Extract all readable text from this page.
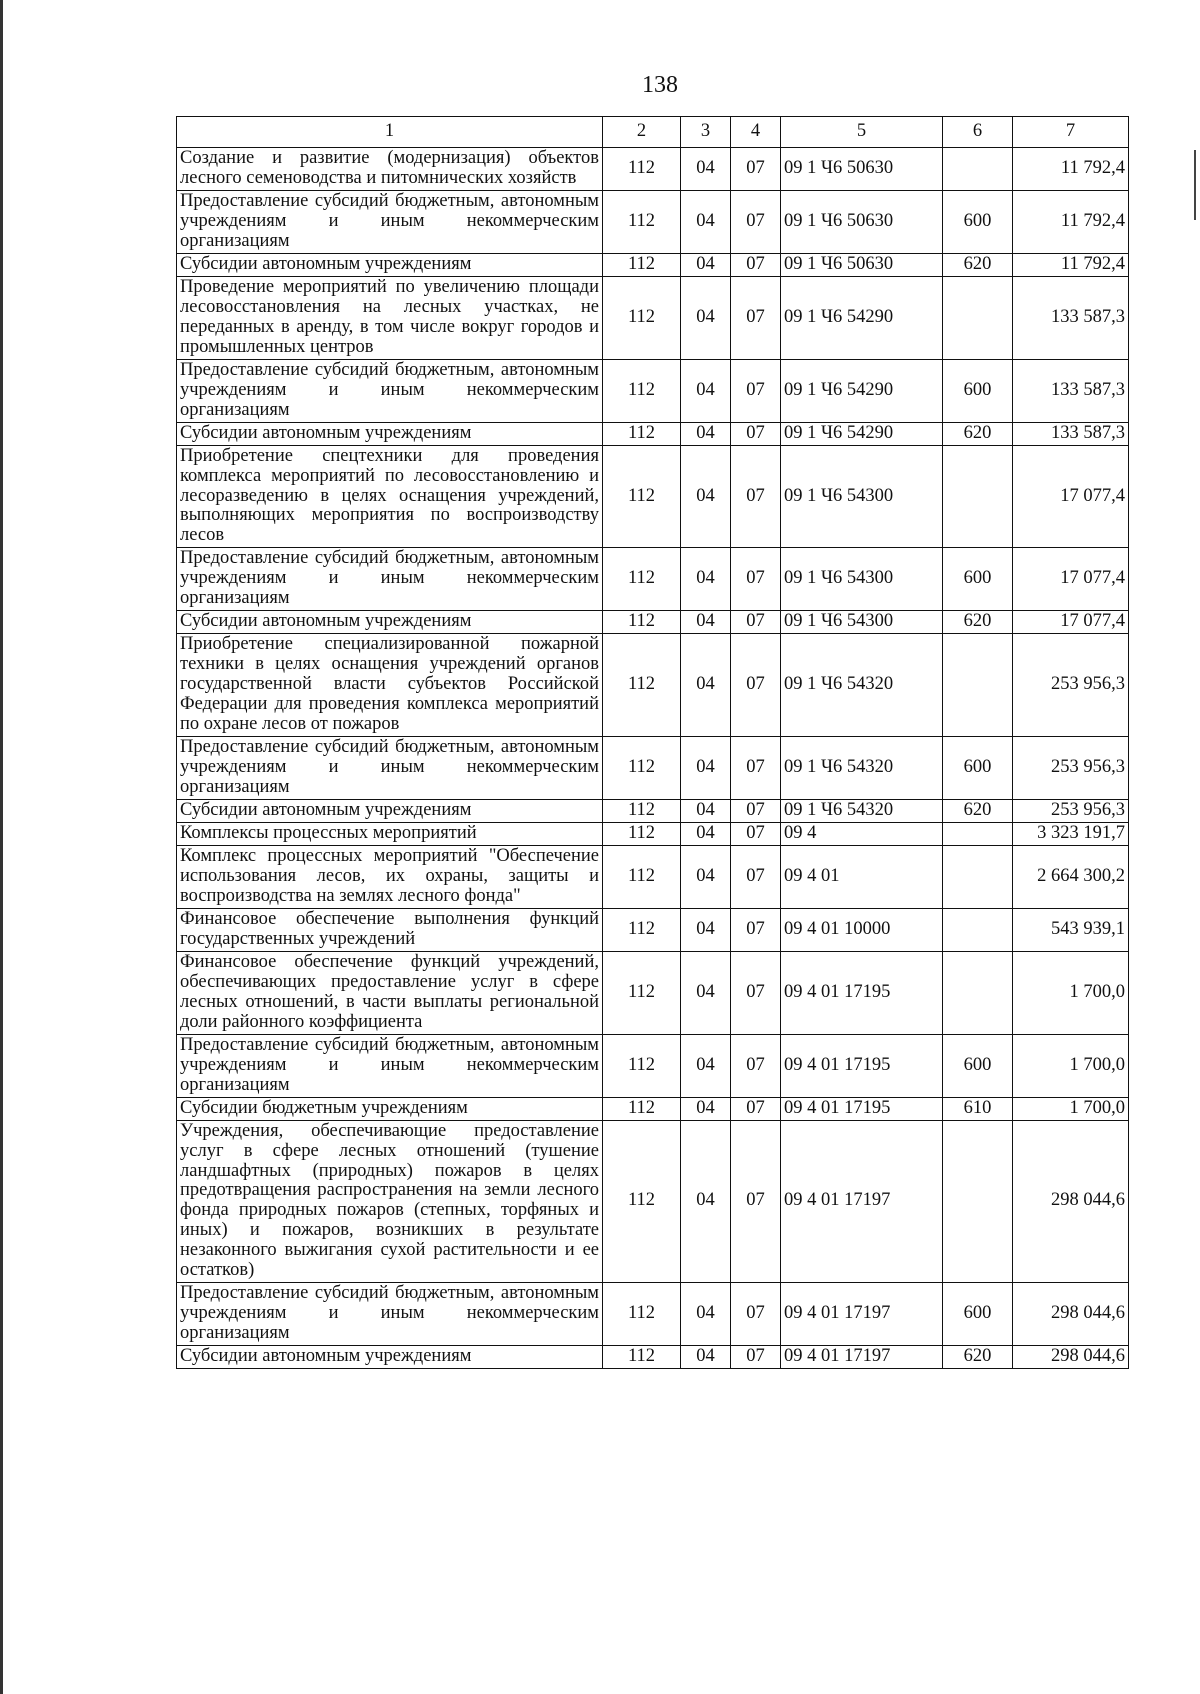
138
1	2	3	4	5	6	7
Создание и развитие (модернизация) объектов лесного семеноводства и питомнических хозяйств	112	04	07	09 1 Ч6 50630		11 792,4
Предоставление субсидий бюджетным, автономным учреждениям и иным некоммерческим организациям	112	04	07	09 1 Ч6 50630	600	11 792,4
Субсидии автономным учреждениям	112	04	07	09 1 Ч6 50630	620	11 792,4
Проведение мероприятий по увеличению площади лесовосстановления на лесных участках, не переданных в аренду, в том числе вокруг городов и промышленных центров	112	04	07	09 1 Ч6 54290		133 587,3
Предоставление субсидий бюджетным, автономным учреждениям и иным некоммерческим организациям	112	04	07	09 1 Ч6 54290	600	133 587,3
Субсидии автономным учреждениям	112	04	07	09 1 Ч6 54290	620	133 587,3
Приобретение спецтехники для проведения комплекса мероприятий по лесовосстановлению и лесоразведению в целях оснащения учреждений, выполняющих мероприятия по воспроизводству лесов	112	04	07	09 1 Ч6 54300		17 077,4
Предоставление субсидий бюджетным, автономным учреждениям и иным некоммерческим организациям	112	04	07	09 1 Ч6 54300	600	17 077,4
Субсидии автономным учреждениям	112	04	07	09 1 Ч6 54300	620	17 077,4
Приобретение специализированной пожарной техники в целях оснащения учреждений органов государственной власти субъектов Российской Федерации для проведения комплекса мероприятий по охране лесов от пожаров	112	04	07	09 1 Ч6 54320		253 956,3
Предоставление субсидий бюджетным, автономным учреждениям и иным некоммерческим организациям	112	04	07	09 1 Ч6 54320	600	253 956,3
Субсидии автономным учреждениям	112	04	07	09 1 Ч6 54320	620	253 956,3
Комплексы процессных мероприятий	112	04	07	09 4		3 323 191,7
Комплекс процессных мероприятий "Обеспечение использования лесов, их охраны, защиты и воспроизводства на землях лесного фонда"	112	04	07	09 4 01		2 664 300,2
Финансовое обеспечение выполнения функций государственных учреждений	112	04	07	09 4 01 10000		543 939,1
Финансовое обеспечение функций учреждений, обеспечивающих предоставление услуг в сфере лесных отношений, в части выплаты региональной доли районного коэффициента	112	04	07	09 4 01 17195		1 700,0
Предоставление субсидий бюджетным, автономным учреждениям и иным некоммерческим организациям	112	04	07	09 4 01 17195	600	1 700,0
Субсидии бюджетным учреждениям	112	04	07	09 4 01 17195	610	1 700,0
Учреждения, обеспечивающие предоставление услуг в сфере лесных отношений (тушение ландшафтных (природных) пожаров в целях предотвращения распространения на земли лесного фонда природных пожаров (степных, торфяных и иных) и пожаров, возникших в результате незаконного выжигания сухой растительности и ее остатков)	112	04	07	09 4 01 17197		298 044,6
Предоставление субсидий бюджетным, автономным учреждениям и иным некоммерческим организациям	112	04	07	09 4 01 17197	600	298 044,6
Субсидии автономным учреждениям	112	04	07	09 4 01 17197	620	298 044,6
